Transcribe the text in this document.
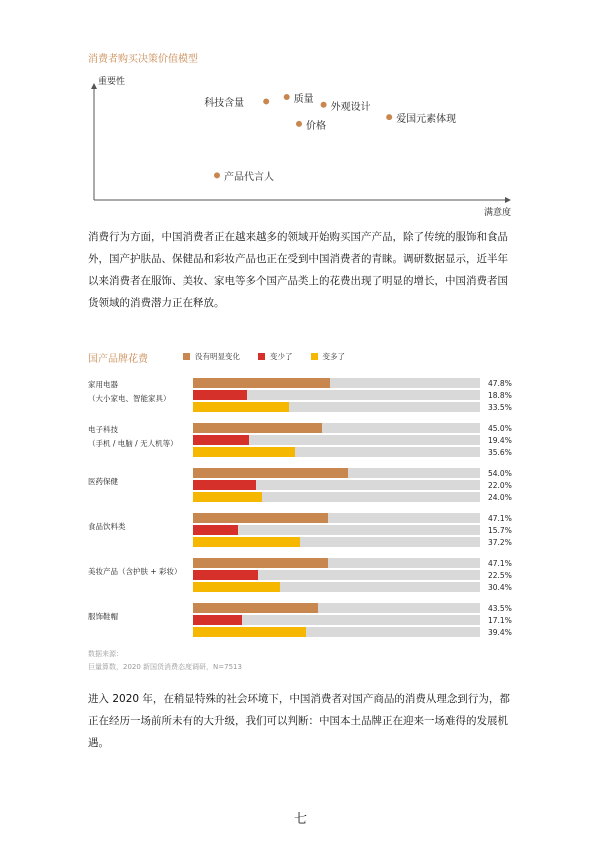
消费者购买决策价值模型
重要性
满意度
科技含量	质量
外观设计
爱国元素体现
价格
产品代言人
消费行为方面，中国消费者正在越来越多的领域开始购买国产产品，除了传统的服饰和食品外，国产护肤品、保健品和彩妆产品也正在受到中国消费者的青睐。调研数据显示，近半年以来消费者在服饰、美妆、家电等多个国产品类上的花费出现了明显的增长，中国消费者国货领域的消费潜力正在释放。
国产品牌花费	没有明显变化	变少了	变多了
家用电器
（大小家电、智能家具）
47.8%
18.8%
33.5%
电子科技
（手机 / 电脑 / 无人机等）
45.0%
19.4%
35.6%
医药保健
54.0%
22.0%
24.0%
食品饮料类
47.1%
15.7%
37.2%
美妆产品（含护肤 + 彩妆）
47.1%
22.5%
30.4%
服饰鞋帽
43.5%
17.1%
39.4%
数据来源：
巨量算数，2020 新国货消费态度调研，N=7513
进入 2020 年，在稍显特殊的社会环境下，中国消费者对国产商品的消费从理念到行为，都正在经历一场前所未有的大升级，我们可以判断：中国本土品牌正在迎来一场难得的发展机遇。
七
